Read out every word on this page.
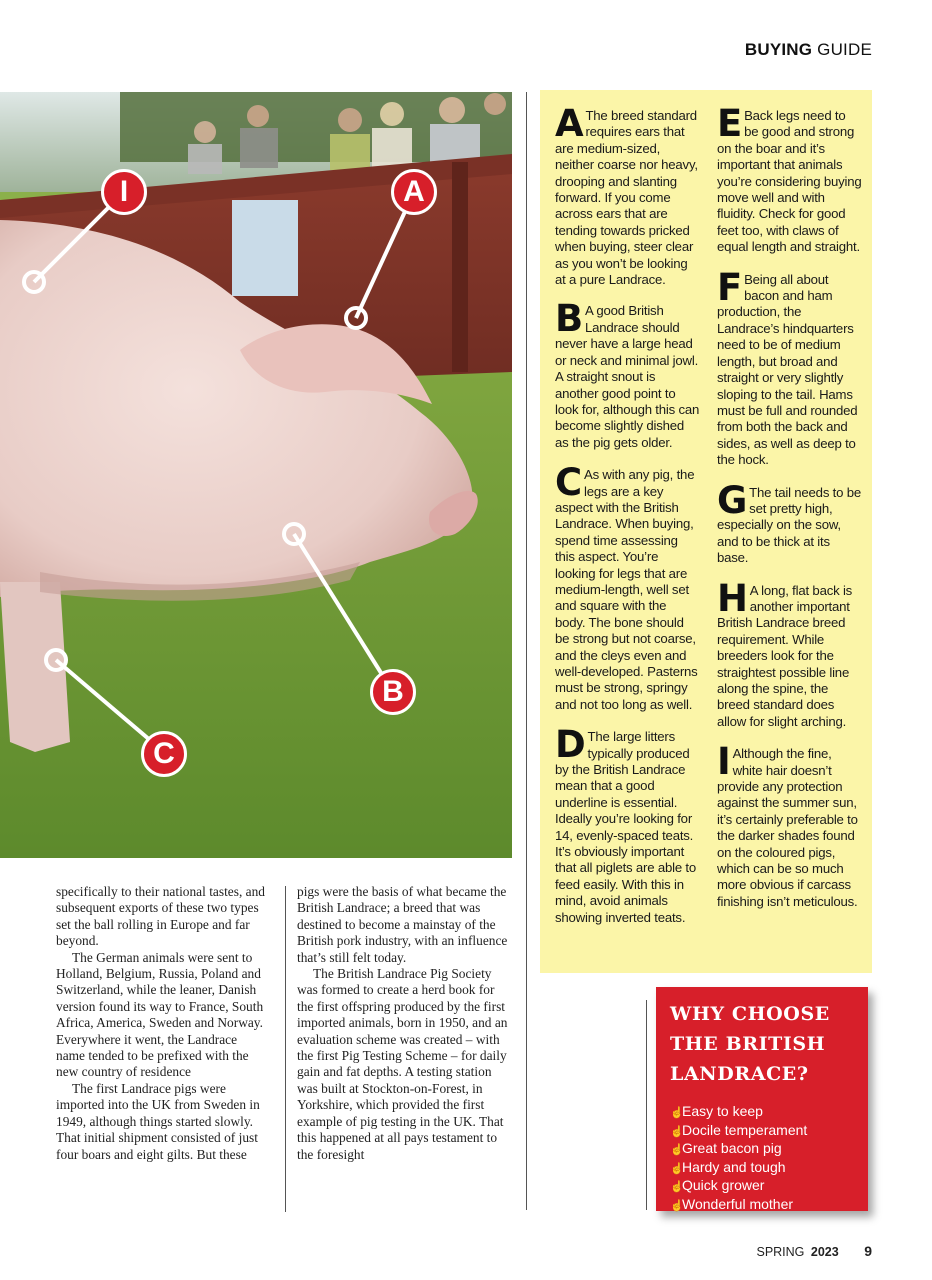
BUYING GUIDE
I	A
B
C

A The breed standard requires ears that are medium-sized, neither coarse nor heavy, drooping and slanting forward. If you come across ears that are tending towards pricked when buying, steer clear as you won’t be looking at a pure Landrace.

B A good British Landrace should never have a large head or neck and minimal jowl. A straight snout is another good point to look for, although this can become slightly dished as the pig gets older.

C As with any pig, the legs are a key aspect with the British Landrace. When buying, spend time assessing this aspect. You’re looking for legs that are medium-length, well set and square with the body. The bone should be strong but not coarse, and the cleys even and well-developed. Pasterns must be strong, springy and not too long as well.

D The large litters typically produced by the British Landrace mean that a good underline is essential. Ideally you’re looking for 14, evenly-spaced teats. It’s obviously important that all piglets are able to feed easily. With this in mind, avoid animals showing inverted teats.

E Back legs need to be good and strong on the boar and it’s important that animals you’re considering buying move well and with fluidity. Check for good feet too, with claws of equal length and straight.

F Being all about bacon and ham production, the Landrace’s hindquarters need to be of medium length, but broad and straight or very slightly sloping to the tail. Hams must be full and rounded from both the back and sides, as well as deep to the hock.

G The tail needs to be set pretty high, especially on the sow, and to be thick at its base.

H A long, flat back is another important British Landrace breed requirement. While breeders look for the straightest possible line along the spine, the breed standard does allow for slight arching.

I Although the fine, white hair doesn’t provide any protection against the summer sun, it’s certainly preferable to the darker shades found on the coloured pigs, which can be so much more obvious if carcass finishing isn’t meticulous.

specifically to their national tastes, and subsequent exports of these two types set the ball rolling in Europe and far beyond.

The German animals were sent to Holland, Belgium, Russia, Poland and Switzerland, while the leaner, Danish version found its way to France, South Africa, America, Sweden and Norway. Everywhere it went, the Landrace name tended to be prefixed with the new country of residence

The first Landrace pigs were imported into the UK from Sweden in 1949, although things started slowly. That initial shipment consisted of just four boars and eight gilts. But these

pigs were the basis of what became the British Landrace; a breed that was destined to become a mainstay of the British pork industry, with an influence that’s still felt today.

The British Landrace Pig Society was formed to create a herd book for the first offspring produced by the first imported animals, born in 1950, and an evaluation scheme was created – with the first Pig Testing Scheme – for daily gain and fat depths. A testing station was built at Stockton-on-Forest, in Yorkshire, which provided the first example of pig testing in the UK. That this happened at all pays testament to the foresight

WHY CHOOSE
THE BRITISH
LANDRACE?
☝Easy to keep
☝Docile temperament
☝Great bacon pig
☝Hardy and tough
☝Quick grower
☝Wonderful mother
SPRING 2023 9
